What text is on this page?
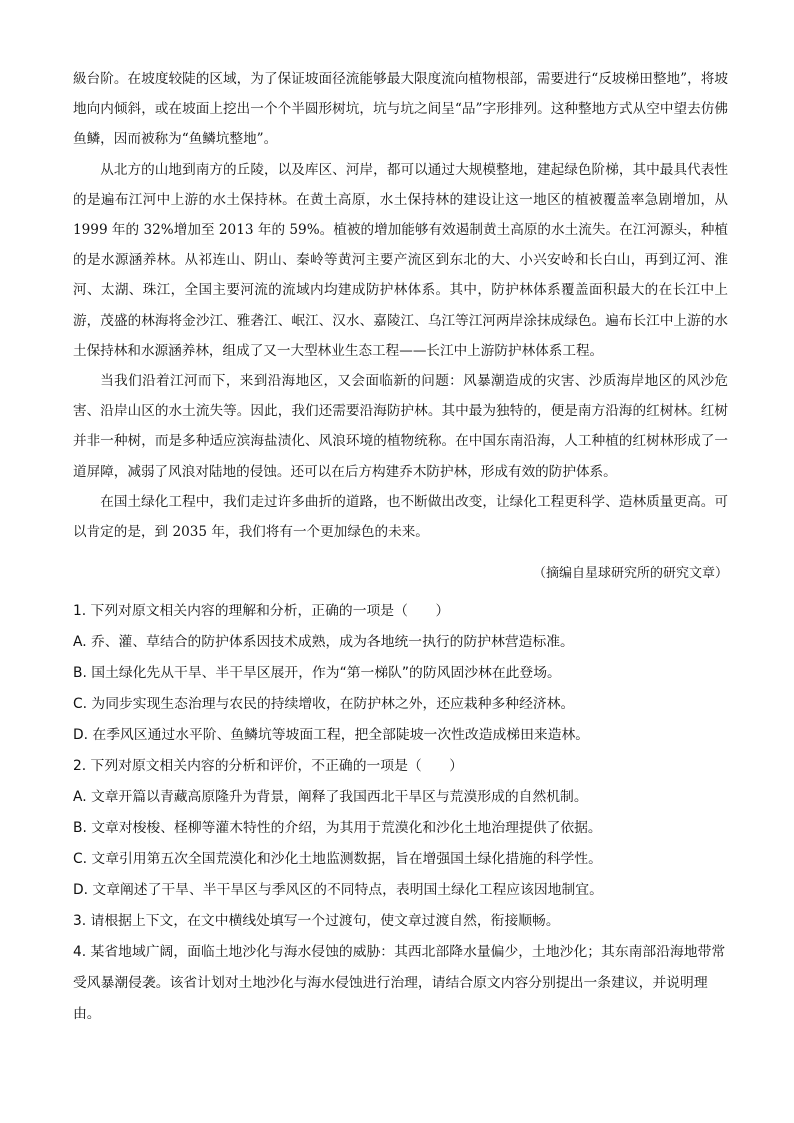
級台阶。在坡度较陡的区域，为了保证坡面径流能够最大限度流向植物根部，需要进行“反坡梯田整地”，将坡地向内倾斜，或在坡面上挖出一个个半圆形树坑，坑与坑之间呈“品”字形排列。这种整地方式从空中望去仿佛鱼鳞，因而被称为“鱼鳞坑整地”。

从北方的山地到南方的丘陵，以及库区、河岸，都可以通过大规模整地，建起绿色阶梯，其中最具代表性的是遍布江河中上游的水土保持林。在黄土高原，水土保持林的建设让这一地区的植被覆盖率急剧增加，从 1999 年的 32%增加至 2013 年的 59%。植被的增加能够有效遏制黄土高原的水土流失。在江河源头，种植的是水源涵养林。从祁连山、阴山、秦岭等黄河主要产流区到东北的大、小兴安岭和长白山，再到辽河、淮河、太湖、珠江，全国主要河流的流域内均建成防护林体系。其中，防护林体系覆盖面积最大的在长江中上游，茂盛的林海将金沙江、雅砻江、岷江、汉水、嘉陵江、乌江等江河两岸涂抹成绿色。遍布长江中上游的水土保持林和水源涵养林，组成了又一大型林业生态工程——长江中上游防护林体系工程。

当我们沿着江河而下，来到沿海地区，又会面临新的问题：风暴潮造成的灾害、沙质海岸地区的风沙危害、沿岸山区的水土流失等。因此，我们还需要沿海防护林。其中最为独特的，便是南方沿海的红树林。红树并非一种树，而是多种适应滨海盐渍化、风浪环境的植物统称。在中国东南沿海，人工种植的红树林形成了一道屏障，减弱了风浪对陆地的侵蚀。还可以在后方构建乔木防护林，形成有效的防护体系。

在国土绿化工程中，我们走过许多曲折的道路，也不断做出改变，让绿化工程更科学、造林质量更高。可以肯定的是，到 2035 年，我们将有一个更加绿色的未来。

（摘编自星球研究所的研究文章）

1. 下列对原文相关内容的理解和分析，正确的一项是（　　）

A. 乔、灌、草结合的防护体系因技术成熟，成为各地统一执行的防护林营造标准。

B. 国土绿化先从干旱、半干旱区展开，作为“第一梯队”的防风固沙林在此登场。

C. 为同步实现生态治理与农民的持续增收，在防护林之外，还应栽种多种经济林。

D. 在季风区通过水平阶、鱼鳞坑等坡面工程，把全部陡坡一次性改造成梯田来造林。

2. 下列对原文相关内容的分析和评价，不正确的一项是（　　）

A. 文章开篇以青藏高原隆升为背景，阐释了我国西北干旱区与荒漠形成的自然机制。

B. 文章对梭梭、柽柳等灌木特性的介绍，为其用于荒漠化和沙化土地治理提供了依据。

C. 文章引用第五次全国荒漠化和沙化土地监测数据，旨在增强国土绿化措施的科学性。

D. 文章阐述了干旱、半干旱区与季风区的不同特点，表明国土绿化工程应该因地制宜。

3. 请根据上下文，在文中横线处填写一个过渡句，使文章过渡自然，衔接顺畅。

4. 某省地域广阔，面临土地沙化与海水侵蚀的威胁：其西北部降水量偏少，土地沙化；其东南部沿海地带常受风暴潮侵袭。该省计划对土地沙化与海水侵蚀进行治理，请结合原文内容分别提出一条建议，并说明理由。
